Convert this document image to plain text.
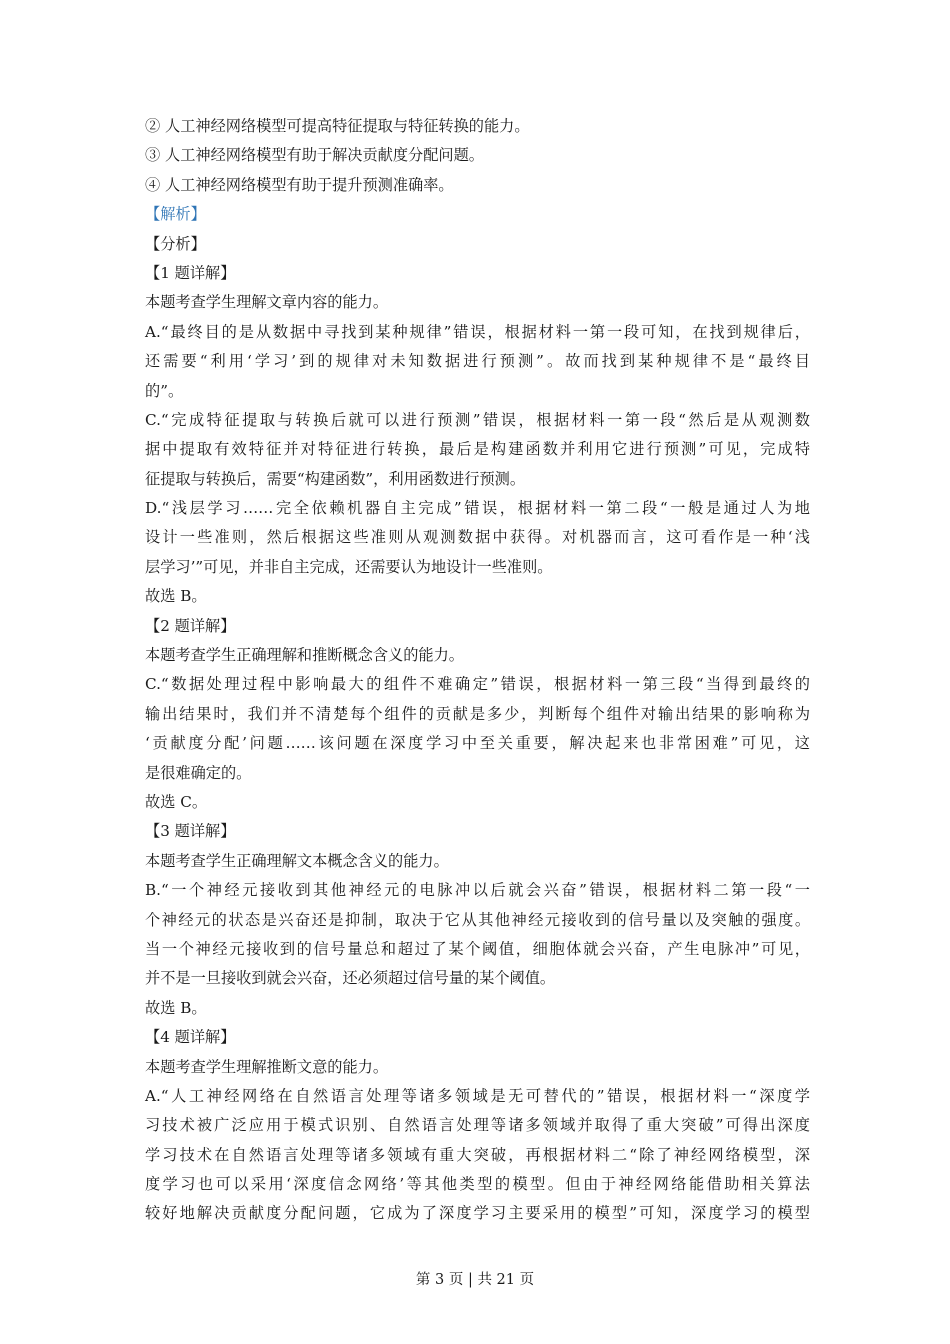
② 人工神经网络模型可提高特征提取与特征转换的能力。
③ 人工神经网络模型有助于解决贡献度分配问题。
④ 人工神经网络模型有助于提升预测准确率。
【解析】
【分析】
【1 题详解】
本题考查学生理解文章内容的能力。
A.“最终目的是从数据中寻找到某种规律”错误，根据材料一第一段可知，在找到规律后，
还需要“利用‘学习’到的规律对未知数据进行预测”。故而找到某种规律不是“最终目
的”。
C.“完成特征提取与转换后就可以进行预测”错误，根据材料一第一段“然后是从观测数
据中提取有效特征并对特征进行转换，最后是构建函数并利用它进行预测”可见，完成特
征提取与转换后，需要“构建函数”，利用函数进行预测。
D.“浅层学习……完全依赖机器自主完成”错误，根据材料一第二段“一般是通过人为地
设计一些准则，然后根据这些准则从观测数据中获得。对机器而言，这可看作是一种‘浅
层学习’”可见，并非自主完成，还需要认为地设计一些准则。
故选 B。
【2 题详解】
本题考查学生正确理解和推断概念含义的能力。
C.“数据处理过程中影响最大的组件不难确定”错误，根据材料一第三段“当得到最终的
输出结果时，我们并不清楚每个组件的贡献是多少，判断每个组件对输出结果的影响称为
‘贡献度分配’问题……该问题在深度学习中至关重要，解决起来也非常困难”可见，这
是很难确定的。
故选 C。
【3 题详解】
本题考查学生正确理解文本概念含义的能力。
B.“一个神经元接收到其他神经元的电脉冲以后就会兴奋”错误，根据材料二第一段“一
个神经元的状态是兴奋还是抑制，取决于它从其他神经元接收到的信号量以及突触的强度。
当一个神经元接收到的信号量总和超过了某个阈值，细胞体就会兴奋，产生电脉冲”可见，
并不是一旦接收到就会兴奋，还必须超过信号量的某个阈值。
故选 B。
【4 题详解】
本题考查学生理解推断文意的能力。
A.“人工神经网络在自然语言处理等诸多领域是无可替代的”错误，根据材料一“深度学
习技术被广泛应用于模式识别、自然语言处理等诸多领域并取得了重大突破”可得出深度
学习技术在自然语言处理等诸多领域有重大突破，再根据材料二“除了神经网络模型，深
度学习也可以采用‘深度信念网络’等其他类型的模型。但由于神经网络能借助相关算法
较好地解决贡献度分配问题，它成为了深度学习主要采用的模型”可知，深度学习的模型
第 3 页 | 共 21 页
